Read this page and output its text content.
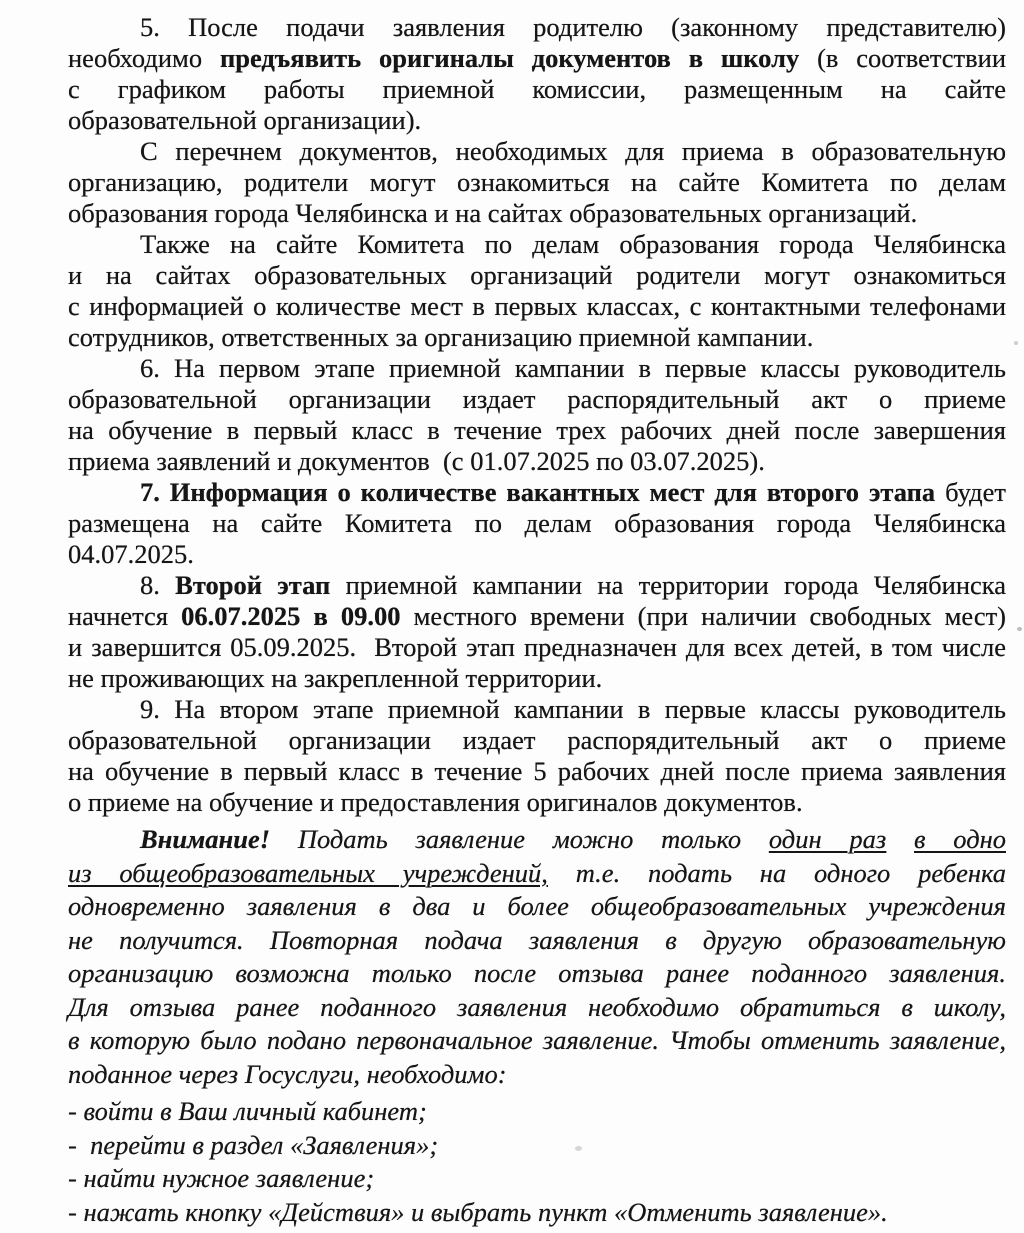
5. После подачи заявления родителю (законному представителю)
необходимо предъявить оригиналы документов в школу (в соответствии
с графиком работы приемной комиссии, размещенным на сайте
образовательной организации).
С перечнем документов, необходимых для приема в образовательную
организацию, родители могут ознакомиться на сайте Комитета по делам
образования города Челябинска и на сайтах образовательных организаций.
Также на сайте Комитета по делам образования города Челябинска
и на сайтах образовательных организаций родители могут ознакомиться
с информацией о количестве мест в первых классах, с контактными телефонами
сотрудников, ответственных за организацию приемной кампании.
6. На первом этапе приемной кампании в первые классы руководитель
образовательной организации издает распорядительный акт о приеме
на обучение в первый класс в течение трех рабочих дней после завершения
приема заявлений и документов  (с 01.07.2025 по 03.07.2025).
7. Информация о количестве вакантных мест для второго этапа будет
размещена на сайте Комитета по делам образования города Челябинска
04.07.2025.
8. Второй этап приемной кампании на территории города Челябинска
начнется 06.07.2025 в 09.00 местного времени (при наличии свободных мест)
и завершится 05.09.2025.  Второй этап предназначен для всех детей, в том числе
не проживающих на закрепленной территории.
9. На втором этапе приемной кампании в первые классы руководитель
образовательной организации издает распорядительный акт о приеме
на обучение в первый класс в течение 5 рабочих дней после приема заявления
о приеме на обучение и предоставления оригиналов документов.
Внимание! Подать заявление можно только один раз в одно
из общеобразовательных учреждений, т.е. подать на одного ребенка
одновременно заявления в два и более общеобразовательных учреждения
не получится. Повторная подача заявления в другую образовательную
организацию возможна только после отзыва ранее поданного заявления.
Для отзыва ранее поданного заявления необходимо обратиться в школу,
в которую было подано первоначальное заявление. Чтобы отменить заявление,
поданное через Госуслуги, необходимо:
- войти в Ваш личный кабинет;
-  перейти в раздел «Заявления»;
- найти нужное заявление;
- нажать кнопку «Действия» и выбрать пункт «Отменить заявление».
